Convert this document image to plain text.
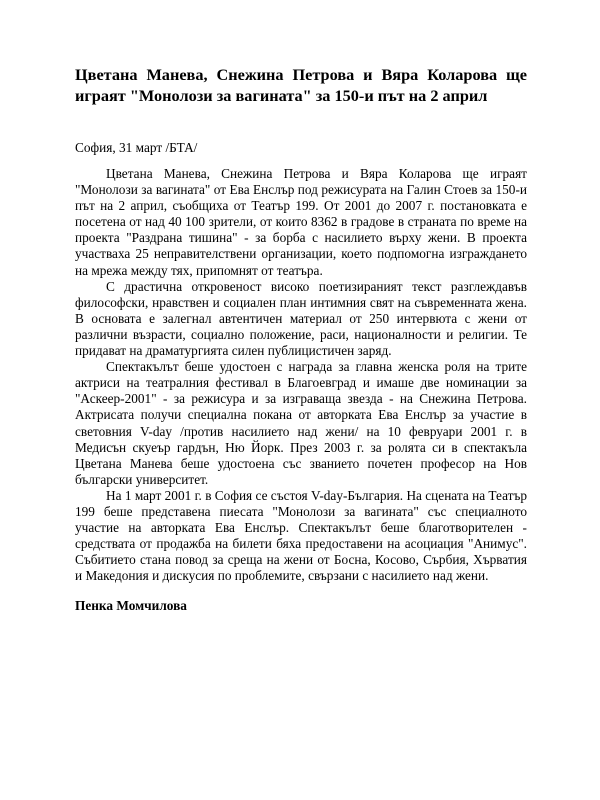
Цветана Манева, Снежина Петрова и Вяра Коларова ще играят "Монолози за вагината" за 150-и път на 2 април

София, 31 март /БТА/

Цветана Манева, Снежина Петрова и Вяра Коларова ще играят "Монолози за вагината" от Ева Енслър под режисурата на Галин Стоев за 150-и път на 2 април, съобщиха от Театър 199. От 2001 до 2007 г. постановката е посетена от над 40 100 зрители, от които 8362 в градове в страната по време на проекта "Раздрана тишина" - за борба с насилието върху жени. В проекта участваха 25 неправителствени организации, което подпомогна изграждането на мрежа между тях, припомнят от театъра.

С драстична откровеност високо поетизираният текст разглеждавъв философски, нравствен и социален план интимния свят на съвременната жена. В основата е залегнал автентичен материал от 250 интервюта с жени от различни възрасти, социално положение, раси, националности и религии. Те придават на драматургията силен публицистичен заряд.

Спектакълът беше удостоен с награда за главна женска роля на трите актриси на театралния фестивал в Благоевград и имаше две номинации за "Аскеер-2001" - за режисура и за изграваща звезда - на Снежина Петрова. Актрисата получи специална покана от авторката Ева Енслър за участие в световния V-day /против насилието над жени/ на 10 февруари 2001 г. в Медисън скуеър гардън, Ню Йорк. През 2003 г. за ролята си в спектакъла Цветана Манева беше удостоена със званието почетен професор на Нов български университет.

На 1 март 2001 г. в София се състоя V-day-България. На сцената на Театър 199 беше представена пиесата "Монолози за вагината" със специалното участие на авторката Ева Енслър. Спектакълът беше благотворителен - средствата от продажба на билети бяха предоставени на асоциация "Анимус". Събитието стана повод за среща на жени от Босна, Косово, Сърбия, Хърватия и Македония и дискусия по проблемите, свързани с насилието над жени.

Пенка Момчилова
